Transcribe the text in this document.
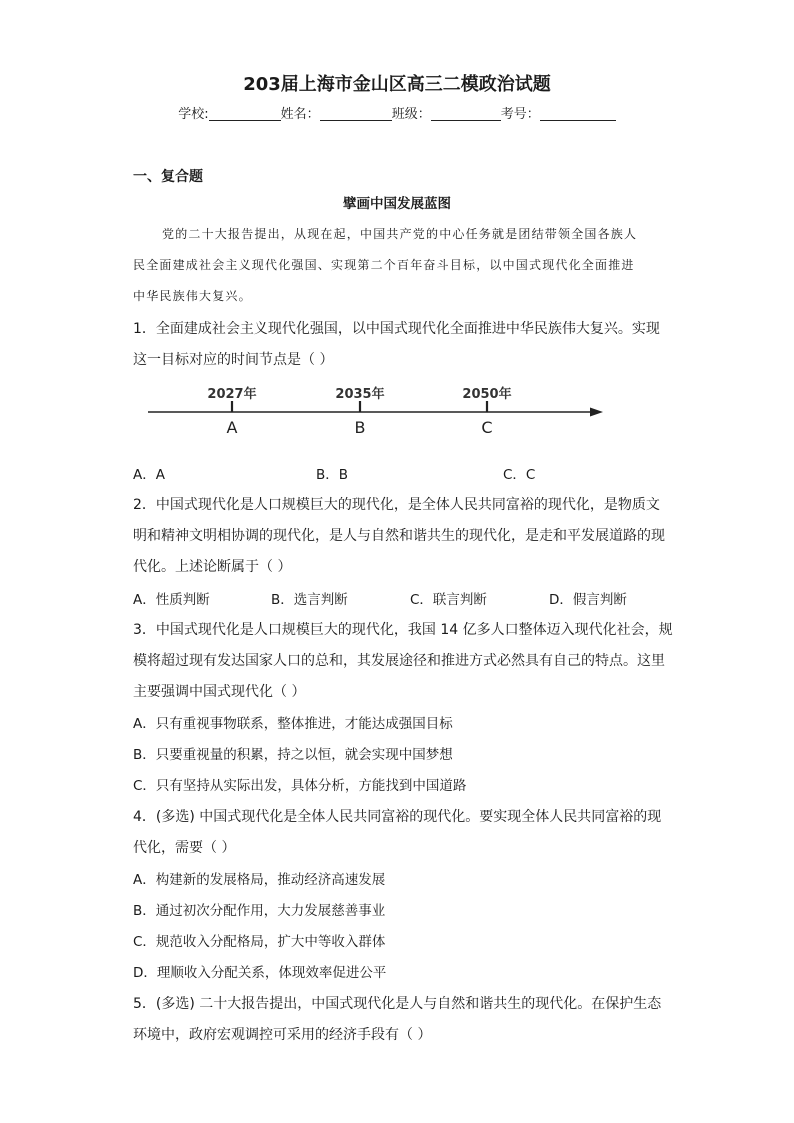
203届上海市金山区高三二模政治试题
学校:	姓名：	班级：	考号：
一、复合题
擘画中国发展蓝图
党的二十大报告提出，从现在起，中国共产党的中心任务就是团结带领全国各族人
民全面建成社会主义现代化强国、实现第二个百年奋斗目标，以中国式现代化全面推进
中华民族伟大复兴。
1．全面建成社会主义现代化强国，以中国式现代化全面推进中华民族伟大复兴。实现
这一目标对应的时间节点是（ ）
2027年
A
2035年
B
2050年
C
A．A	B．B	C．C
2．中国式现代化是人口规模巨大的现代化，是全体人民共同富裕的现代化，是物质文
明和精神文明相协调的现代化，是人与自然和谐共生的现代化，是走和平发展道路的现
代化。上述论断属于（ ）
A．性质判断	B．选言判断	C．联言判断	D．假言判断
3．中国式现代化是人口规模巨大的现代化，我国 14 亿多人口整体迈入现代化社会，规
模将超过现有发达国家人口的总和，其发展途径和推进方式必然具有自己的特点。这里
主要强调中国式现代化（ ）
A．只有重视事物联系，整体推进，才能达成强国目标
B．只要重视量的积累，持之以恒，就会实现中国梦想
C．只有坚持从实际出发，具体分析，方能找到中国道路
4．(多选) 中国式现代化是全体人民共同富裕的现代化。要实现全体人民共同富裕的现
代化，需要（ ）
A．构建新的发展格局，推动经济高速发展
B．通过初次分配作用，大力发展慈善事业
C．规范收入分配格局，扩大中等收入群体
D．理顺收入分配关系，体现效率促进公平
5．(多选) 二十大报告提出，中国式现代化是人与自然和谐共生的现代化。在保护生态
环境中，政府宏观调控可采用的经济手段有（ ）
